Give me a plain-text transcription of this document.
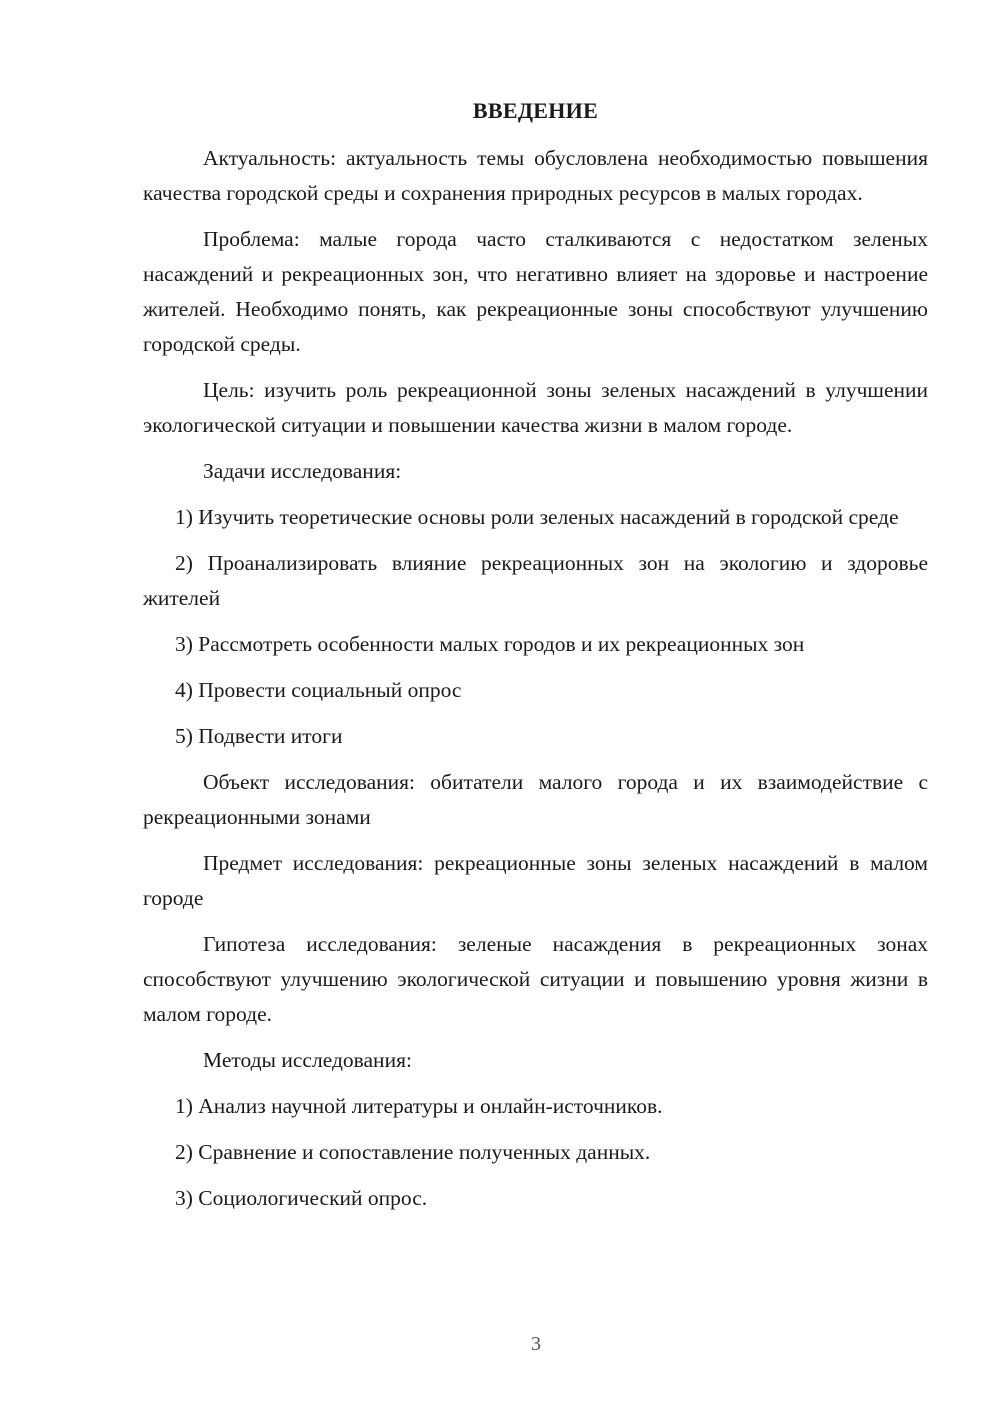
ВВЕДЕНИЕ

Актуальность: актуальность темы обусловлена необходимостью повышения качества городской среды и сохранения природных ресурсов в малых городах.

Проблема: малые города часто сталкиваются с недостатком зеленых насаждений и рекреационных зон, что негативно влияет на здоровье и настроение жителей. Необходимо понять, как рекреационные зоны способствуют улучшению городской среды.

Цель: изучить роль рекреационной зоны зеленых насаждений в улучшении экологической ситуации и повышении качества жизни в малом городе.

Задачи исследования:

1) Изучить теоретические основы роли зеленых насаждений в городской среде

2) Проанализировать влияние рекреационных зон на экологию и здоровье жителей

3) Рассмотреть особенности малых городов и их рекреационных зон

4) Провести социальный опрос

5) Подвести итоги

Объект исследования: обитатели малого города и их взаимодействие с рекреационными зонами

Предмет исследования: рекреационные зоны зеленых насаждений в малом городе

Гипотеза исследования: зеленые насаждения в рекреационных зонах способствуют улучшению экологической ситуации и повышению уровня жизни в малом городе.

Методы исследования:

1) Анализ научной литературы и онлайн-источников.

2) Сравнение и сопоставление полученных данных.

3) Социологический опрос.

3
